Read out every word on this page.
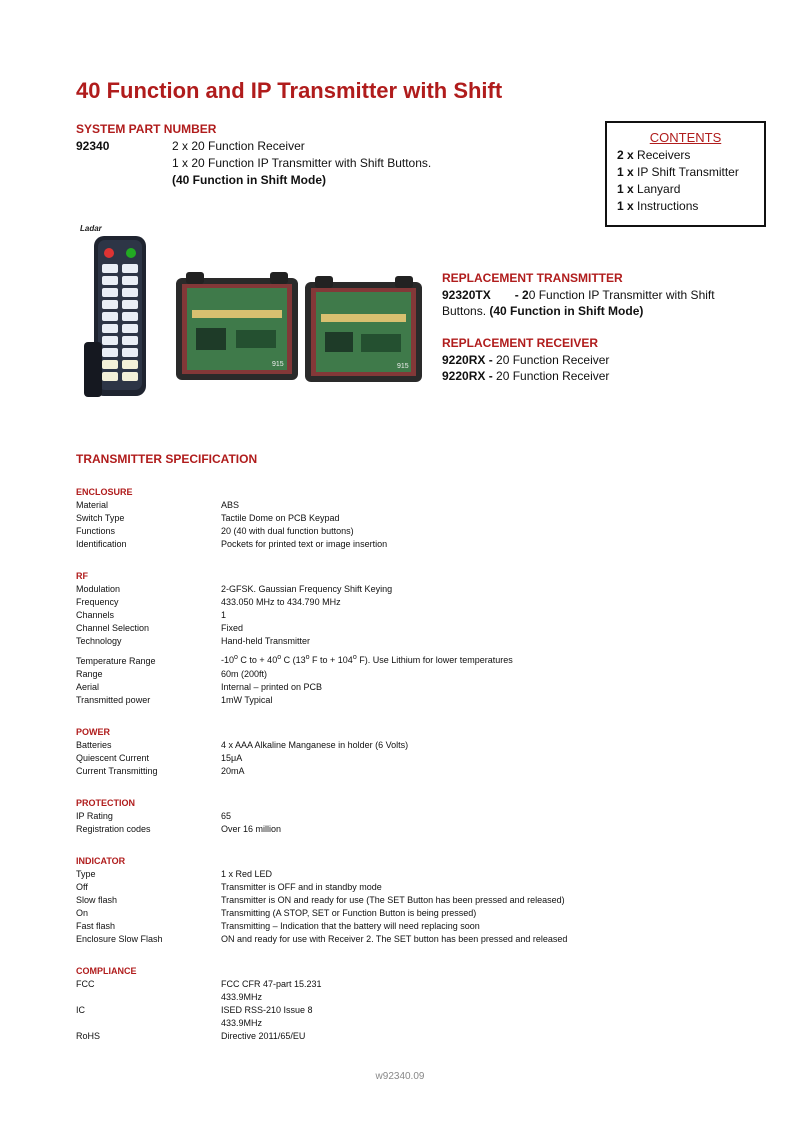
40 Function and IP Transmitter with Shift
SYSTEM PART NUMBER
92340	2 x 20 Function Receiver
1 x 20 Function IP Transmitter with Shift Buttons.
(40 Function in Shift Mode)
CONTENTS
2 x Receivers
1 x IP Shift Transmitter
1 x Lanyard
1 x Instructions
Ladar
915	915
REPLACEMENT TRANSMITTER
92320TX - 20 Function IP Transmitter with Shift
Buttons. (40 Function in Shift Mode)
REPLACEMENT RECEIVER
9220RX - 20 Function Receiver
9220RX - 20 Function Receiver
TRANSMITTER SPECIFICATION
ENCLOSURE
Material	ABS
Switch Type	Tactile Dome on PCB Keypad
Functions	20 (40 with dual function buttons)
Identification	Pockets for printed text or image insertion
RF
Modulation	2-GFSK. Gaussian Frequency Shift Keying
Frequency	433.050 MHz to 434.790 MHz
Channels	1
Channel Selection	Fixed
Technology	Hand-held Transmitter
Temperature Range	-10$^o$ C to + $40^o$ C (13$^o$ F to + $104^o$ F). Use Lithium for lower temperatures
Range	60m (200ft)
Aerial	Internal – printed on PCB
Transmitted power	1mW Typical
POWER
Batteries	4 x AAA Alkaline Manganese in holder (6 Volts)
Quiescent Current	15μA
Current Transmitting	20mA
PROTECTION
IP Rating	65
Registration codes	Over 16 million
INDICATOR
Type	1 x Red LED
Off	Transmitter is OFF and in standby mode
Slow flash	Transmitter is ON and ready for use (The SET Button has been pressed and released)
On	Transmitting (A STOP, SET or Function Button is being pressed)
Fast flash	Transmitting – Indication that the battery will need replacing soon
Enclosure Slow Flash	ON and ready for use with Receiver 2. The SET button has been pressed and released
COMPLIANCE
FCC	FCC CFR 47-part 15.231
433.9MHz
IC	ISED RSS-210 Issue 8
433.9MHz
RoHS	Directive 2011/65/EU
w92340.09
